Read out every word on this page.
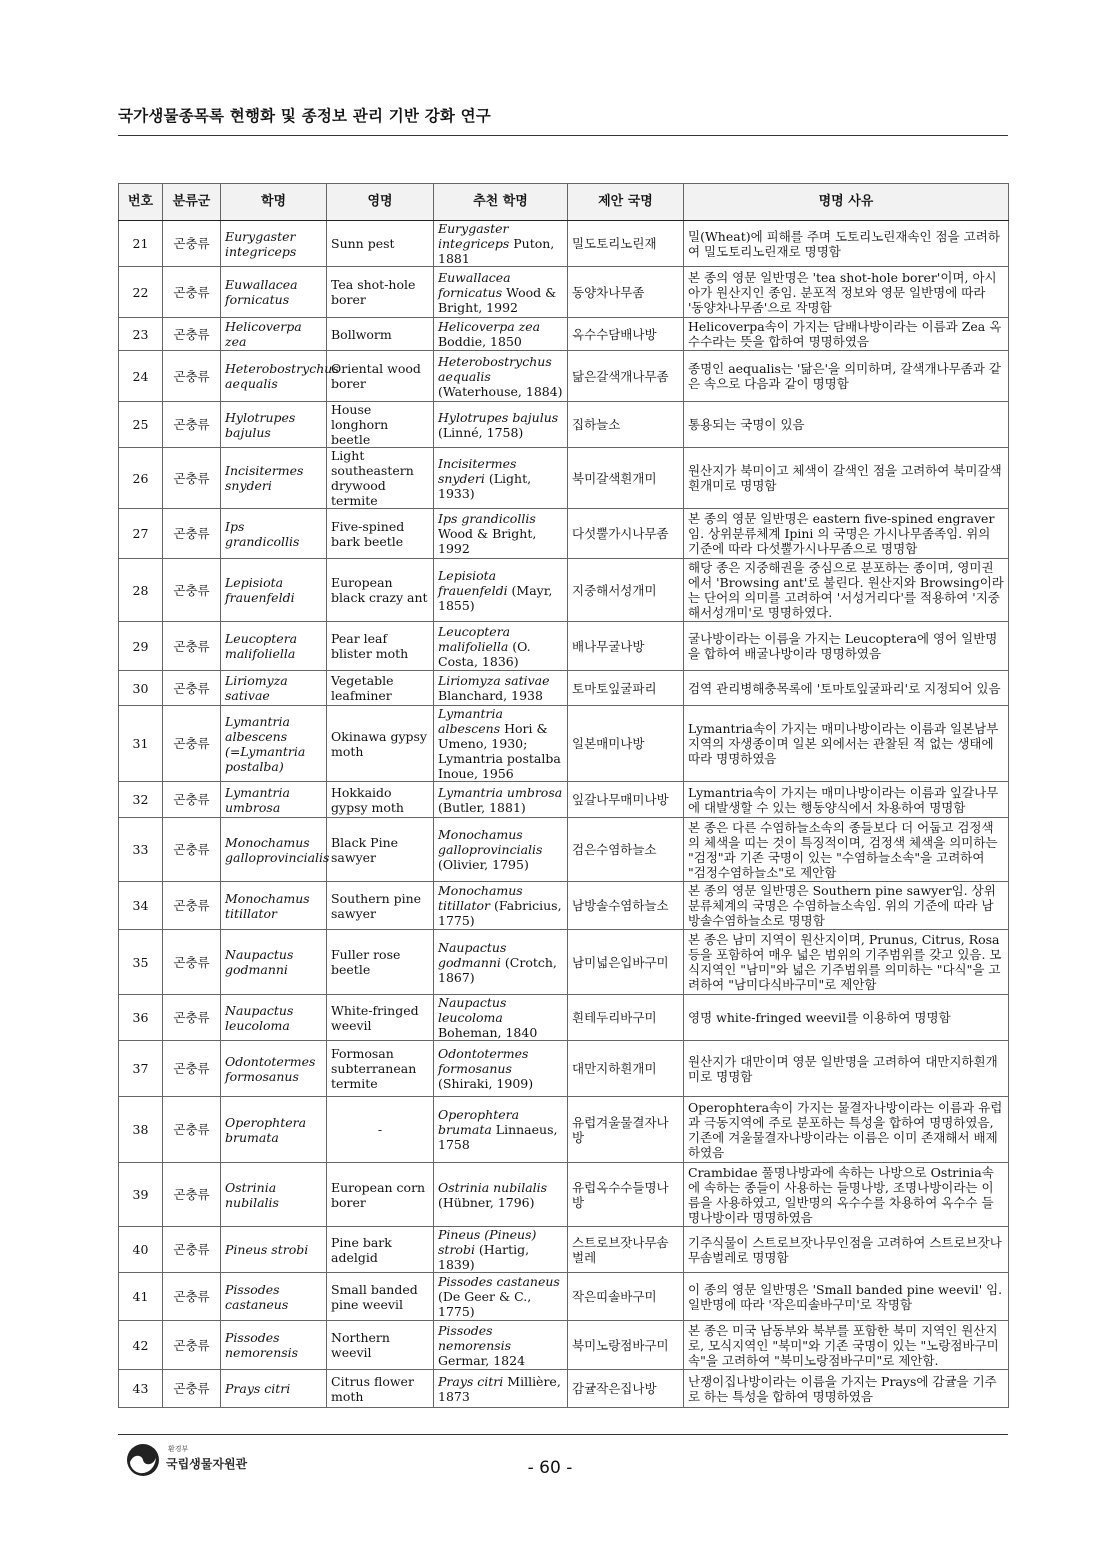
국가생물종목록 현행화 및 종정보 관리 기반 강화 연구
번호	분류군	학명	영명	추천 학명	제안 국명	명명 사유
21	곤충류	Eurygaster integriceps	Sunn pest	Eurygaster integriceps Puton, 1881	밀도토리노린재	밀(Wheat)에 피해를 주며 도토리노린재속인 점을 고려하여 밀도토리노린재로 명명함
22	곤충류	Euwallacea fornicatus	Tea shot-hole borer	Euwallacea fornicatus Wood & Bright, 1992	동양차나무좀	본 종의 영문 일반명은 'tea shot-hole borer'이며, 아시아가 원산지인 종임. 분포적 정보와 영문 일반명에 따라 '동양차나무좀'으로 작명함
23	곤충류	Helicoverpa zea	Bollworm	Helicoverpa zea Boddie, 1850	옥수수담배나방	Helicoverpa속이 가지는 담배나방이라는 이름과 Zea 옥수수라는 뜻을 합하여 명명하였음
24	곤충류	Heterobostrychus aequalis	Oriental wood borer	Heterobostrychus aequalis (Waterhouse, 1884)	닮은갈색개나무좀	종명인 aequalis는 '닮은'을 의미하며, 갈색개나무좀과 같은 속으로 다음과 같이 명명함
25	곤충류	Hylotrupes bajulus	House longhorn beetle	Hylotrupes bajulus (Linné, 1758)	집하늘소	통용되는 국명이 있음
26	곤충류	Incisitermes snyderi	Light southeastern drywood termite	Incisitermes snyderi (Light, 1933)	북미갈색흰개미	원산지가 북미이고 체색이 갈색인 점을 고려하여 북미갈색흰개미로 명명함
27	곤충류	Ips grandicollis	Five-spined bark beetle	Ips grandicollis Wood & Bright, 1992	다섯뿔가시나무좀	본 종의 영문 일반명은 eastern five-spined engraver 임. 상위분류체계 Ipini 의 국명은 가시나무좀족임. 위의 기준에 따라 다섯뿔가시나무좀으로 명명함
28	곤충류	Lepisiota frauenfeldi	European black crazy ant	Lepisiota frauenfeldi (Mayr, 1855)	지중해서성개미	해당 종은 지중해권을 중심으로 분포하는 종이며, 영미권에서 'Browsing ant'로 불린다. 원산지와 Browsing이라는 단어의 의미를 고려하여 '서성거리다'를 적용하여 '지중해서성개미'로 명명하였다.
29	곤충류	Leucoptera malifoliella	Pear leaf blister moth	Leucoptera malifoliella (O. Costa, 1836)	배나무굴나방	굴나방이라는 이름을 가지는 Leucoptera에 영어 일반명을 합하여 배굴나방이라 명명하였음
30	곤충류	Liriomyza sativae	Vegetable leafminer	Liriomyza sativae Blanchard, 1938	토마토잎굴파리	검역 관리병해충목록에 '토마토잎굴파리'로 지정되어 있음
31	곤충류	Lymantria albescens (=Lymantria postalba)	Okinawa gypsy moth	Lymantria albescens Hori & Umeno, 1930; Lymantria postalba Inoue, 1956	일본매미나방	Lymantria속이 가지는 매미나방이라는 이름과 일본남부지역의 자생종이며 일본 외에서는 관찰된 적 없는 생태에 따라 명명하였음
32	곤충류	Lymantria umbrosa	Hokkaido gypsy moth	Lymantria umbrosa (Butler, 1881)	잎갈나무매미나방	Lymantria속이 가지는 매미나방이라는 이름과 잎갈나무에 대발생할 수 있는 행동양식에서 차용하여 명명함
33	곤충류	Monochamus galloprovincialis	Black Pine sawyer	Monochamus galloprovincialis (Olivier, 1795)	검은수염하늘소	본 종은 다른 수염하늘소속의 종들보다 더 어둡고 검정색의 체색을 띠는 것이 특징적이며, 검정색 체색을 의미하는 "검정"과 기존 국명이 있는 "수염하늘소속"을 고려하여 "검정수염하늘소"로 제안함
34	곤충류	Monochamus titillator	Southern pine sawyer	Monochamus titillator (Fabricius, 1775)	남방솔수염하늘소	본 종의 영문 일반명은 Southern pine sawyer임. 상위분류체계의 국명은 수염하늘소속임. 위의 기준에 따라 남방솔수염하늘소로 명명함
35	곤충류	Naupactus godmanni	Fuller rose beetle	Naupactus godmanni (Crotch, 1867)	남미넓은입바구미	본 종은 남미 지역이 원산지이며, Prunus, Citrus, Rosa등을 포함하여 매우 넓은 범위의 기주범위를 갖고 있음. 모식지역인 "남미"와 넓은 기주범위를 의미하는 "다식"을 고려하여 "남미다식바구미"로 제안함
36	곤충류	Naupactus leucoloma	White-fringed weevil	Naupactus leucoloma Boheman, 1840	흰테두리바구미	영명 white-fringed weevil를 이용하여 명명함
37	곤충류	Odontotermes formosanus	Formosan subterranean termite	Odontotermes formosanus (Shiraki, 1909)	대만지하흰개미	원산지가 대만이며 영문 일반명을 고려하여 대만지하흰개미로 명명함
38	곤충류	Operophtera brumata	-	Operophtera brumata Linnaeus, 1758	유럽겨울물결자나방	Operophtera속이 가지는 물결자나방이라는 이름과 유럽과 극동지역에 주로 분포하는 특성을 합하여 명명하였음, 기존에 겨울물결자나방이라는 이름은 이미 존재해서 배제하였음
39	곤충류	Ostrinia nubilalis	European corn borer	Ostrinia nubilalis (Hübner, 1796)	유럽옥수수들명나방	Crambidae 풀명나방과에 속하는 나방으로 Ostrinia속에 속하는 종들이 사용하는 들명나방, 조명나방이라는 이름을 사용하였고, 일반명의 옥수수를 차용하여 옥수수 들명나방이라 명명하였음
40	곤충류	Pineus strobi	Pine bark adelgid	Pineus (Pineus) strobi (Hartig, 1839)	스트로브잣나무솜벌레	기주식물이 스트로브잣나무인점을 고려하여 스트로브잣나무솜벌레로 명명함
41	곤충류	Pissodes castaneus	Small banded pine weevil	Pissodes castaneus (De Geer & C., 1775)	작은띠솔바구미	이 종의 영문 일반명은 'Small banded pine weevil' 임. 일반명에 따라 '작은띠솔바구미'로 작명함
42	곤충류	Pissodes nemorensis	Northern weevil	Pissodes nemorensis Germar, 1824	북미노랑점바구미	본 종은 미국 남동부와 북부를 포함한 북미 지역인 원산지로, 모식지역인 "북미"와 기존 국명이 있는 "노랑점바구미속"을 고려하여 "북미노랑점바구미"로 제안함.
43	곤충류	Prays citri	Citrus flower moth	Prays citri Millière, 1873	감귤작은집나방	난쟁이집나방이라는 이름을 가지는 Prays에 감귤을 기주로 하는 특성을 합하여 명명하였음
환경부
국립생물자원관	- 60 -
